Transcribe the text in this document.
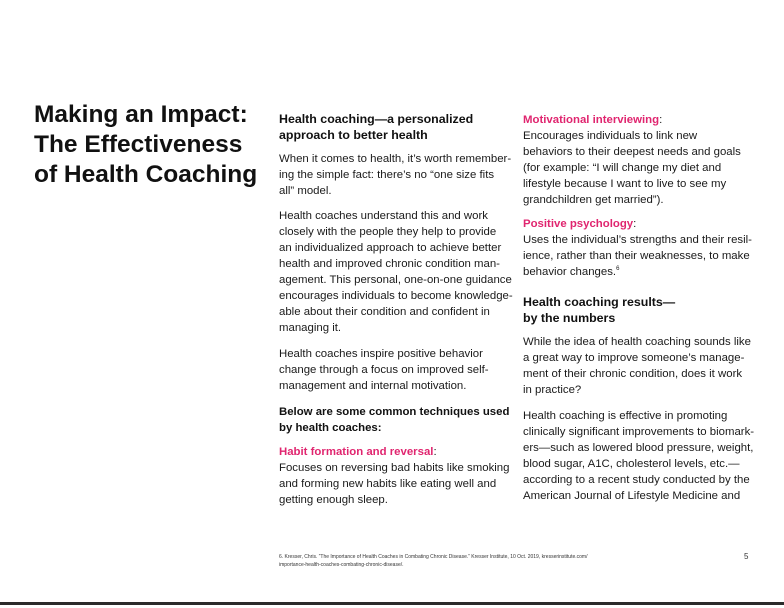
Making an Impact:
The Effectiveness
of Health Coaching
Health coaching—a personalized
approach to better health

When it comes to health, it’s worth remember-
ing the simple fact: there’s no “one size fits
all” model.

Health coaches understand this and work
closely with the people they help to provide
an individualized approach to achieve better
health and improved chronic condition man-
agement. This personal, one-on-one guidance
encourages individuals to become knowledge-
able about their condition and confident in
managing it.

Health coaches inspire positive behavior
change through a focus on improved self-
management and internal motivation.

Below are some common techniques used
by health coaches:

Habit formation and reversal:
Focuses on reversing bad habits like smoking
and forming new habits like eating well and
getting enough sleep.

Motivational interviewing:
Encourages individuals to link new
behaviors to their deepest needs and goals
(for example: “I will change my diet and
lifestyle because I want to live to see my
grandchildren get married”).

Positive psychology:
Uses the individual’s strengths and their resil-
ience, rather than their weaknesses, to make
behavior changes.$^6$

Health coaching results—
by the numbers

While the idea of health coaching sounds like
a great way to improve someone’s manage-
ment of their chronic condition, does it work
in practice?

Health coaching is effective in promoting
clinically significant improvements to biomark-
ers—such as lowered blood pressure, weight,
blood sugar, A1C, cholesterol levels, etc.—
according to a recent study conducted by the
American Journal of Lifestyle Medicine and

6. Kresser, Chris. “The Importance of Health Coaches in Combating Chronic Disease.” Kresser Institute, 10 Oct. 2019, kresserinstitute.com/
importance-health-coaches-combating-chronic-disease/.
5
